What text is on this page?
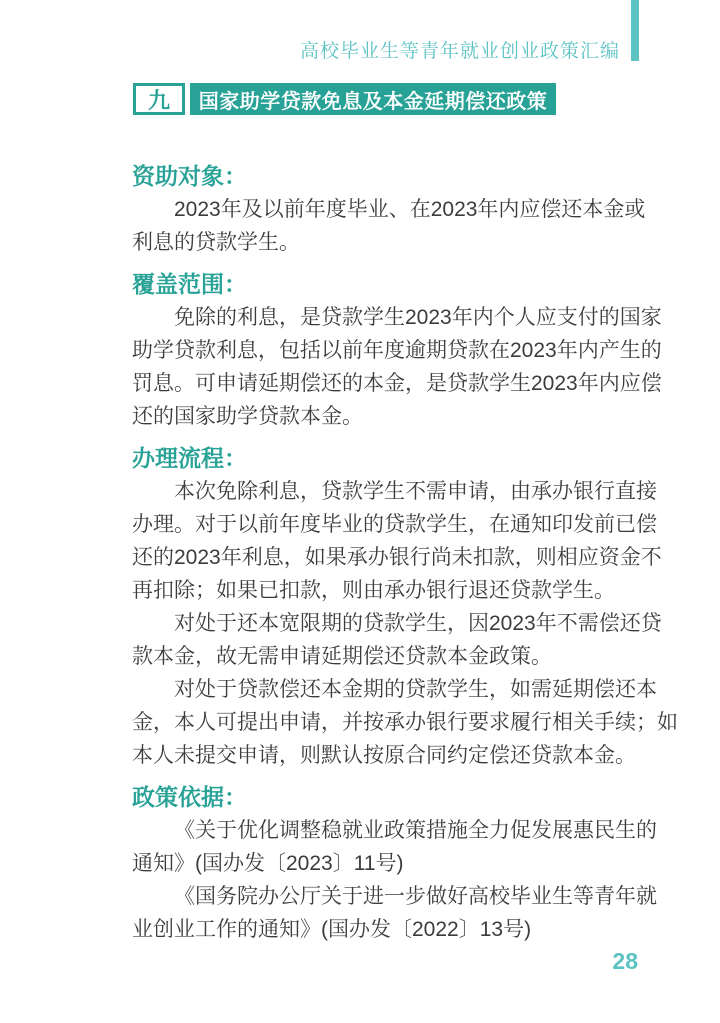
高校毕业生等青年就业创业政策汇编
九	国家助学贷款免息及本金延期偿还政策
资助对象：
2023年及以前年度毕业、在2023年内应偿还本金或
利息的贷款学生。
覆盖范围：
免除的利息，是贷款学生2023年内个人应支付的国家
助学贷款利息，包括以前年度逾期贷款在2023年内产生的
罚息。可申请延期偿还的本金，是贷款学生2023年内应偿
还的国家助学贷款本金。
办理流程：
本次免除利息，贷款学生不需申请，由承办银行直接
办理。对于以前年度毕业的贷款学生，在通知印发前已偿
还的2023年利息，如果承办银行尚未扣款，则相应资金不
再扣除；如果已扣款，则由承办银行退还贷款学生。
对处于还本宽限期的贷款学生，因2023年不需偿还贷
款本金，故无需申请延期偿还贷款本金政策。
对处于贷款偿还本金期的贷款学生，如需延期偿还本
金，本人可提出申请，并按承办银行要求履行相关手续；如
本人未提交申请，则默认按原合同约定偿还贷款本金。
政策依据：
《关于优化调整稳就业政策措施全力促发展惠民生的
通知》(国办发〔2023〕11号)
《国务院办公厅关于进一步做好高校毕业生等青年就
业创业工作的通知》(国办发〔2022〕13号)
28
